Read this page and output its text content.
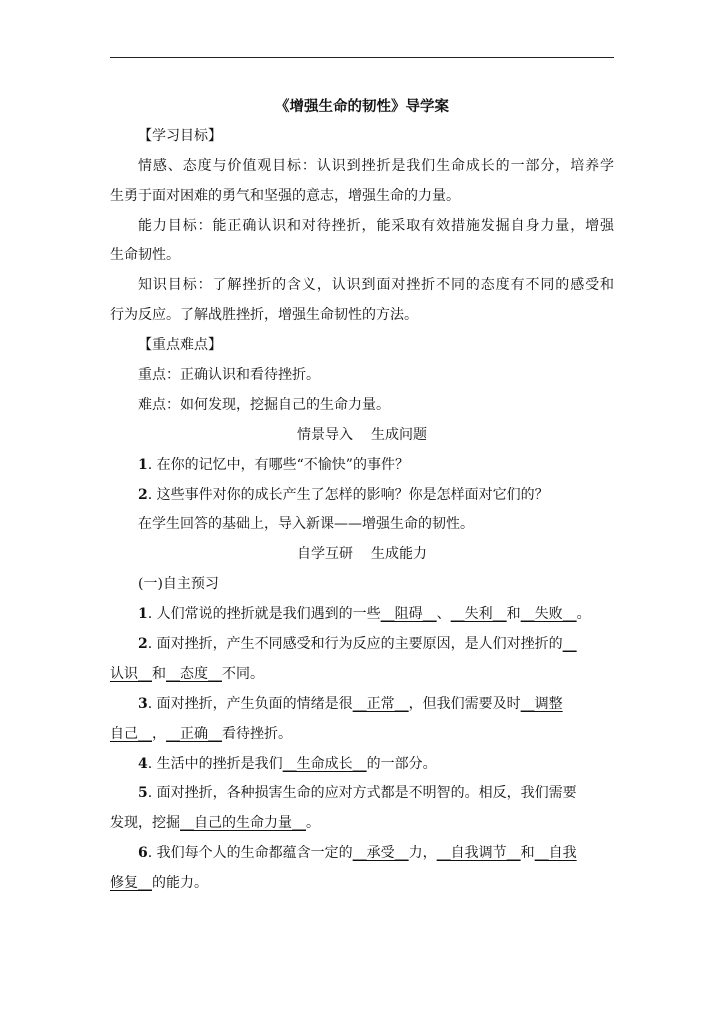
《增强生命的韧性》导学案
【学习目标】
情感、态度与价值观目标：认识到挫折是我们生命成长的一部分，培养学
生勇于面对困难的勇气和坚强的意志，增强生命的力量。
能力目标：能正确认识和对待挫折，能采取有效措施发掘自身力量，增强
生命韧性。
知识目标：了解挫折的含义，认识到面对挫折不同的态度有不同的感受和
行为反应。了解战胜挫折，增强生命韧性的方法。
【重点难点】
重点：正确认识和看待挫折。
难点：如何发现，挖掘自己的生命力量。
情景导入 生成问题
1. 在你的记忆中，有哪些“不愉快”的事件？
2. 这些事件对你的成长产生了怎样的影响？你是怎样面对它们的？
在学生回答的基础上，导入新课——增强生命的韧性。
自学互研 生成能力
(一)自主预习
1. 人们常说的挫折就是我们遇到的一些__阻碍__、__失利__和__失败__。
2. 面对挫折，产生不同感受和行为反应的主要原因，是人们对挫折的__
认识__和__态度__不同。
3. 面对挫折，产生负面的情绪是很__正常__，但我们需要及时__调整
自己__，__正确__看待挫折。
4. 生活中的挫折是我们__生命成长__的一部分。
5. 面对挫折，各种损害生命的应对方式都是不明智的。相反，我们需要
发现，挖掘__自己的生命力量__。
6. 我们每个人的生命都蕴含一定的__承受__力，__自我调节__和__自我
修复__的能力。
